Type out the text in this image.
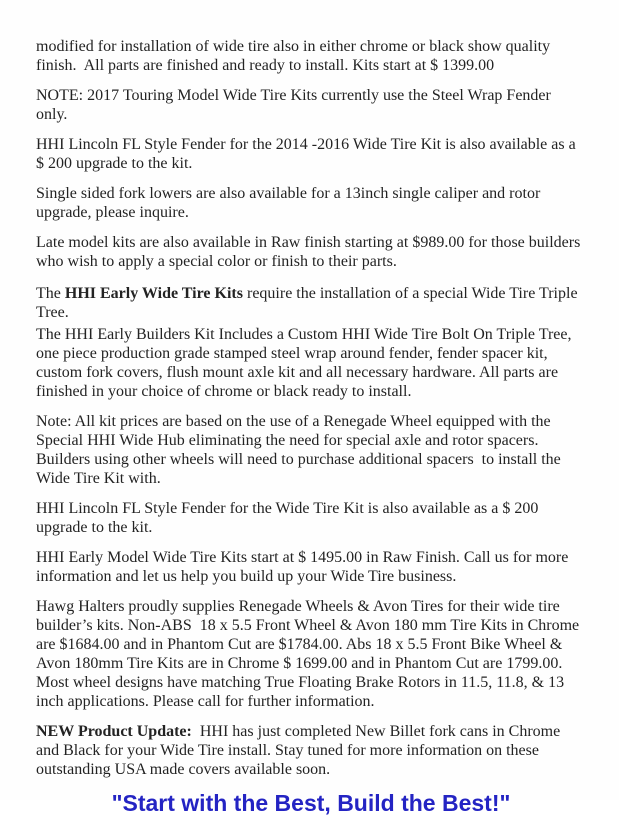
modified for installation of wide tire also in either chrome or black show quality finish.  All parts are finished and ready to install. Kits start at $ 1399.00

NOTE: 2017 Touring Model Wide Tire Kits currently use the Steel Wrap Fender only.

HHI Lincoln FL Style Fender for the 2014 -2016 Wide Tire Kit is also available as a $ 200 upgrade to the kit.

Single sided fork lowers are also available for a 13inch single caliper and rotor upgrade, please inquire.

Late model kits are also available in Raw finish starting at $989.00 for those builders who wish to apply a special color or finish to their parts.

The HHI Early Wide Tire Kits require the installation of a special Wide Tire Triple Tree.

The HHI Early Builders Kit Includes a Custom HHI Wide Tire Bolt On Triple Tree, one piece production grade stamped steel wrap around fender, fender spacer kit, custom fork covers, flush mount axle kit and all necessary hardware. All parts are finished in your choice of chrome or black ready to install.

Note: All kit prices are based on the use of a Renegade Wheel equipped with the Special HHI Wide Hub eliminating the need for special axle and rotor spacers.  Builders using other wheels will need to purchase additional spacers  to install the Wide Tire Kit with.

HHI Lincoln FL Style Fender for the Wide Tire Kit is also available as a $ 200 upgrade to the kit.

HHI Early Model Wide Tire Kits start at $ 1495.00 in Raw Finish. Call us for more information and let us help you build up your Wide Tire business.

Hawg Halters proudly supplies Renegade Wheels & Avon Tires for their wide tire builder’s kits. Non-ABS  18 x 5.5 Front Wheel & Avon 180 mm Tire Kits in Chrome are $1684.00 and in Phantom Cut are $1784.00. Abs 18 x 5.5 Front Bike Wheel & Avon 180mm Tire Kits are in Chrome $ 1699.00 and in Phantom Cut are 1799.00.  Most wheel designs have matching True Floating Brake Rotors in 11.5, 11.8, & 13 inch applications. Please call for further information.

NEW Product Update:  HHI has just completed New Billet fork cans in Chrome and Black for your Wide Tire install. Stay tuned for more information on these outstanding USA made covers available soon.

"Start with the Best, Build the Best!"
